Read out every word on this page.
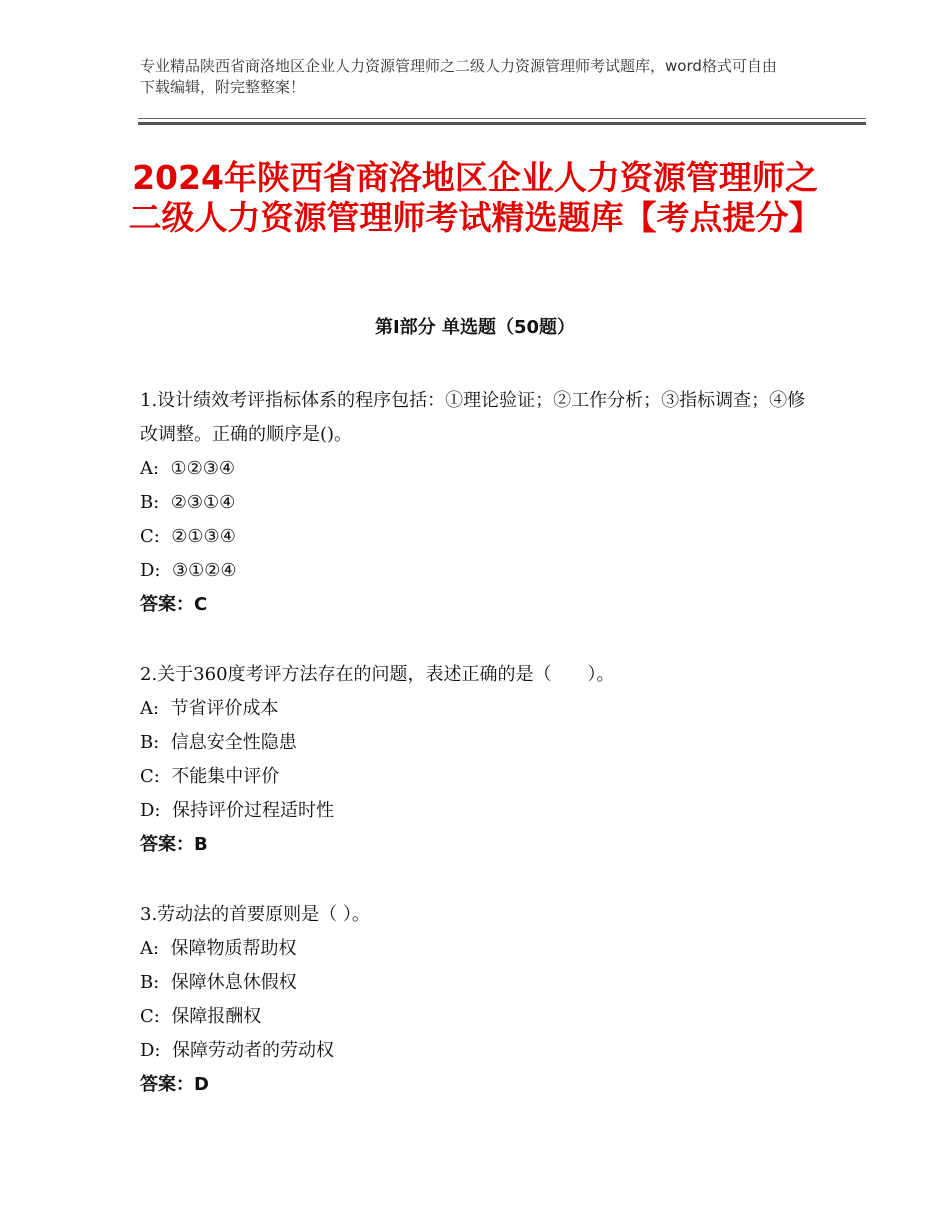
专业精品陕西省商洛地区企业人力资源管理师之二级人力资源管理师考试题库，word格式可自由下载编辑，附完整整案！
2024年陕西省商洛地区企业人力资源管理师之二级人力资源管理师考试精选题库【考点提分】
第Ⅰ部分 单选题（50题）

1.设计绩效考评指标体系的程序包括：①理论验证；②工作分析；③指标调查；④修改调整。正确的顺序是()。

A:  ①②③④

B:  ②③①④

C:  ②①③④

D:  ③①②④

答案：C

2.关于360度考评方法存在的问题，表述正确的是（　　）。

A:  节省评价成本

B:  信息安全性隐患

C:  不能集中评价

D:  保持评价过程适时性

答案：B

3.劳动法的首要原则是（ ）。

A:  保障物质帮助权

B:  保障休息休假权

C:  保障报酬权

D:  保障劳动者的劳动权

答案：D
